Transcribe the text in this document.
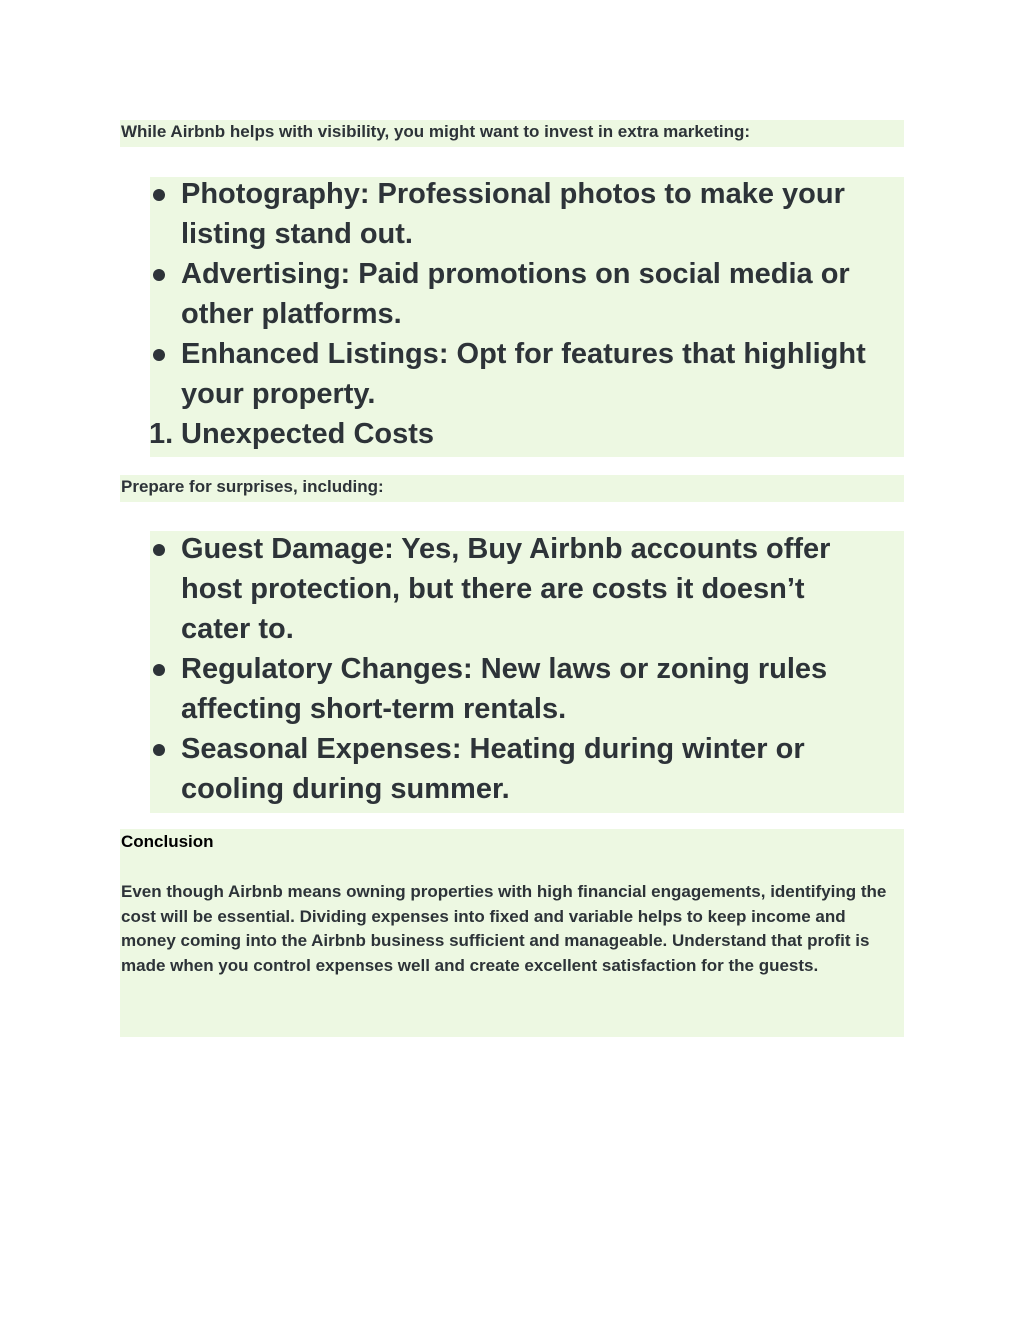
While Airbnb helps with visibility, you might want to invest in extra marketing:
Photography: Professional photos to make your listing stand out.
Advertising: Paid promotions on social media or other platforms.
Enhanced Listings: Opt for features that highlight your property.
1. Unexpected Costs
Prepare for surprises, including:
Guest Damage: Yes, Buy Airbnb accounts offer host protection, but there are costs it doesn’t cater to.
Regulatory Changes: New laws or zoning rules affecting short-term rentals.
Seasonal Expenses: Heating during winter or cooling during summer.
Conclusion
Even though Airbnb means owning properties with high financial engagements, identifying the cost will be essential. Dividing expenses into fixed and variable helps to keep income and money coming into the Airbnb business sufficient and manageable. Understand that profit is made when you control expenses well and create excellent satisfaction for the guests.
